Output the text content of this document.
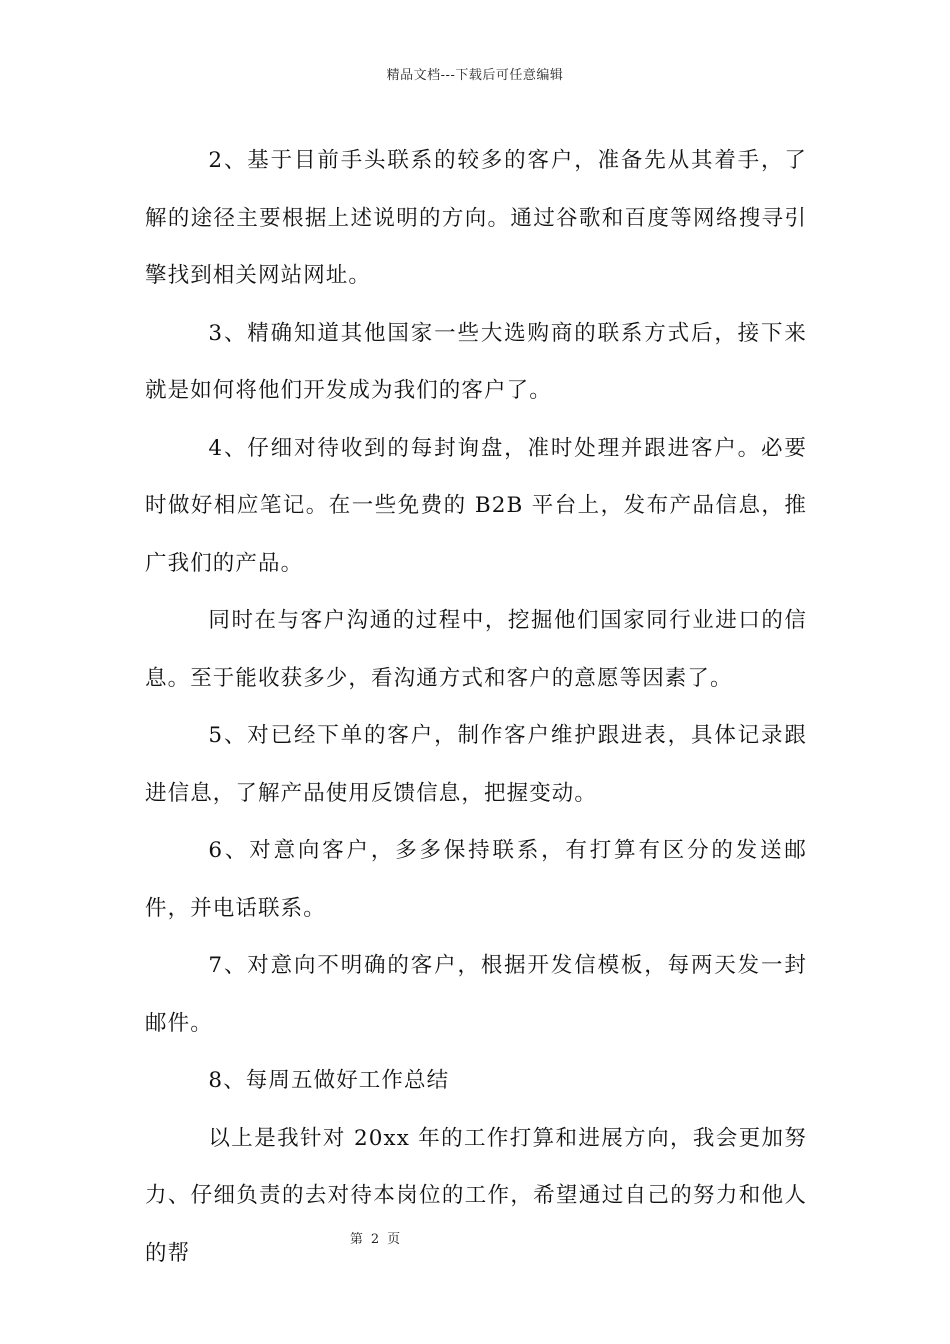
精品文档---下载后可任意编辑

2、基于目前手头联系的较多的客户，准备先从其着手，了解的途径主要根据上述说明的方向。通过谷歌和百度等网络搜寻引擎找到相关网站网址。

3、精确知道其他国家一些大选购商的联系方式后，接下来就是如何将他们开发成为我们的客户了。

4、仔细对待收到的每封询盘，准时处理并跟进客户。必要时做好相应笔记。在一些免费的 B2B 平台上，发布产品信息，推广我们的产品。

同时在与客户沟通的过程中，挖掘他们国家同行业进口的信息。至于能收获多少，看沟通方式和客户的意愿等因素了。

5、对已经下单的客户，制作客户维护跟进表，具体记录跟进信息，了解产品使用反馈信息，把握变动。

6、对意向客户，多多保持联系，有打算有区分的发送邮件，并电话联系。

7、对意向不明确的客户，根据开发信模板，每两天发一封邮件。

8、每周五做好工作总结

以上是我针对 20xx 年的工作打算和进展方向，我会更加努力、仔细负责的去对待本岗位的工作，希望通过自己的努力和他人的帮

第 2 页
